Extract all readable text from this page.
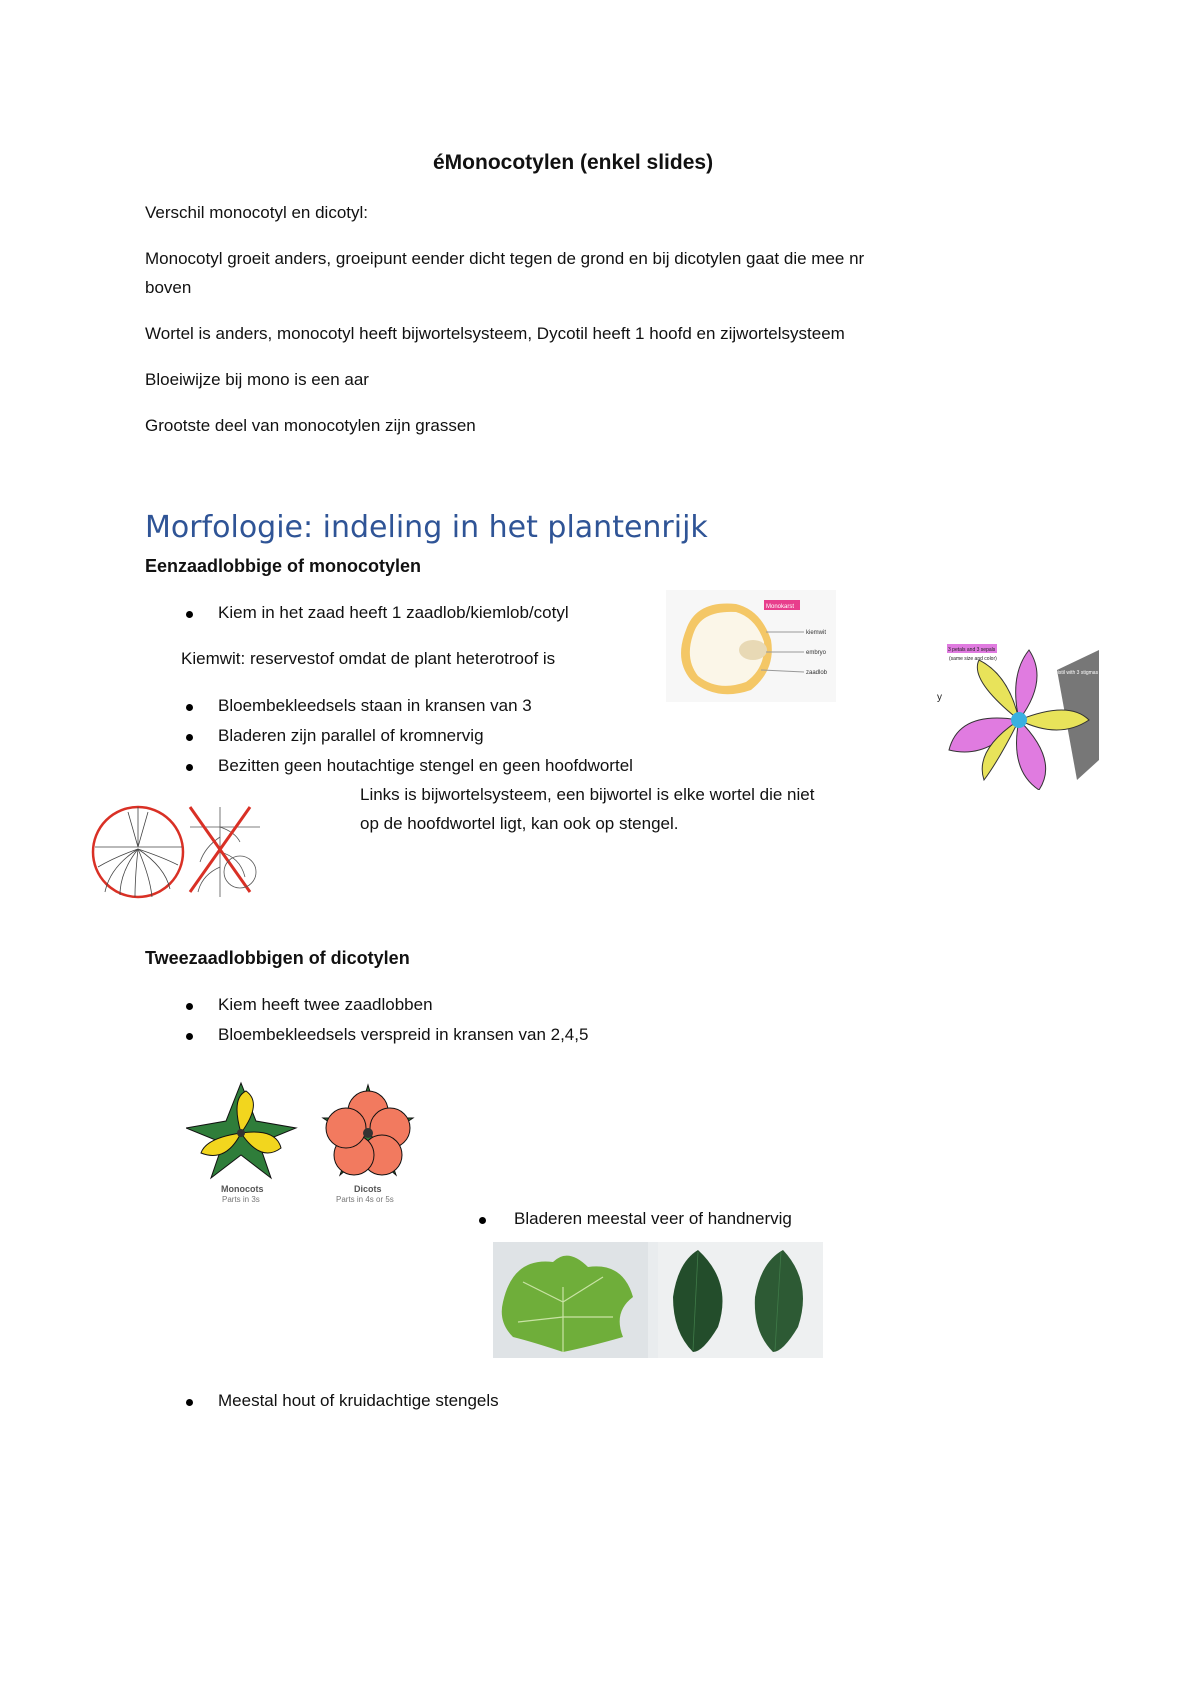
éMonocotylen (enkel slides)
Verschil monocotyl en dicotyl:
Monocotyl groeit anders, groeipunt eender dicht tegen de grond en bij dicotylen gaat die mee nr
boven
Wortel is anders, monocotyl heeft bijwortelsysteem, Dycotil heeft 1 hoofd en zijwortelsysteem
Bloeiwijze bij mono is een aar
Grootste deel van monocotylen zijn grassen
Morfologie: indeling in het plantenrijk
Eenzaadlobbige of monocotylen
Kiem in het zaad heeft 1 zaadlob/kiemlob/cotyl
Kiemwit: reservestof omdat de plant heterotroof is
Bloembekleedsels staan in kransen van 3
Bladeren zijn parallel of kromnervig
Bezitten geen houtachtige stengel en geen hoofdwortel
Links is bijwortelsysteem, een bijwortel is elke wortel die niet
op de hoofdwortel ligt, kan ook op stengel.
Monokarst
kiemwit
embryo
zaadlob
3 petals and 3 sepals
(same size and color)
pistil with 3 stigmas
y
Tweezaadlobbigen of dicotylen
Kiem heeft twee zaadlobben
Bloembekleedsels verspreid in kransen van 2,4,5
Monocots
Parts in 3s
Dicots
Parts in 4s or 5s
Bladeren meestal veer of handnervig
Meestal hout of kruidachtige stengels
